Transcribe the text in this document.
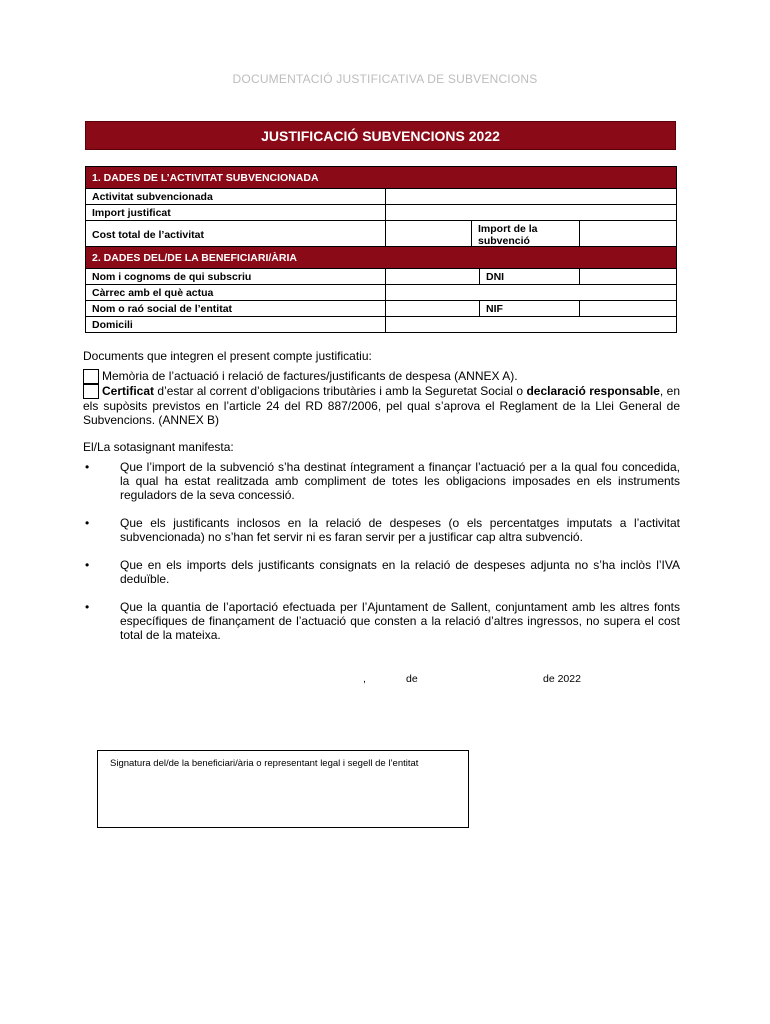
DOCUMENTACIÓ JUSTIFICATIVA DE SUBVENCIONS
JUSTIFICACIÓ SUBVENCIONS 2022
1. DADES DE L’ACTIVITAT SUBVENCIONADA			
Activitat subvencionada			
Import justificat			
Cost total de l’activitat		Import de la subvenció	
2. DADES DEL/DE LA BENEFICIARI/ÀRIA			
Nom i cognoms de qui subscriu		DNI	
Càrrec amb el què actua			
Nom o raó social de l’entitat		NIF	
Domicili			
Documents que integren el present compte justificatiu:
Memòria de l’actuació i relació de factures/justificants de despesa (ANNEX A).
Certificat d’estar al corrent d’obligacions tributàries i amb la Seguretat Social o declaració responsable, en els supòsits previstos en l’article 24 del RD 887/2006, pel qual s’aprova el Reglament de la Llei General de Subvencions. (ANNEX B)
El/La sotasignant manifesta:
•	Que l’import de la subvenció s’ha destinat íntegrament a finançar l’actuació per a la qual fou concedida, la qual ha estat realitzada amb compliment de totes les obligacions imposades en els instruments reguladors de la seva concessió.
•	Que els justificants inclosos en la relació de despeses (o els percentatges imputats a l’activitat subvencionada) no s’han fet servir ni es faran servir per a justificar cap altra subvenció.
•	Que en els imports dels justificants consignats en la relació de despeses adjunta no s’ha inclòs l’IVA deduïble.
•	Que la quantia de l’aportació efectuada per l’Ajuntament de Sallent, conjuntament amb les altres fonts específiques de finançament de l’actuació que consten a la relació d’altres ingressos, no supera el cost total de la mateixa.
,	de	de 2022
Signatura del/de la beneficiari/ària o representant legal i segell de l’entitat
